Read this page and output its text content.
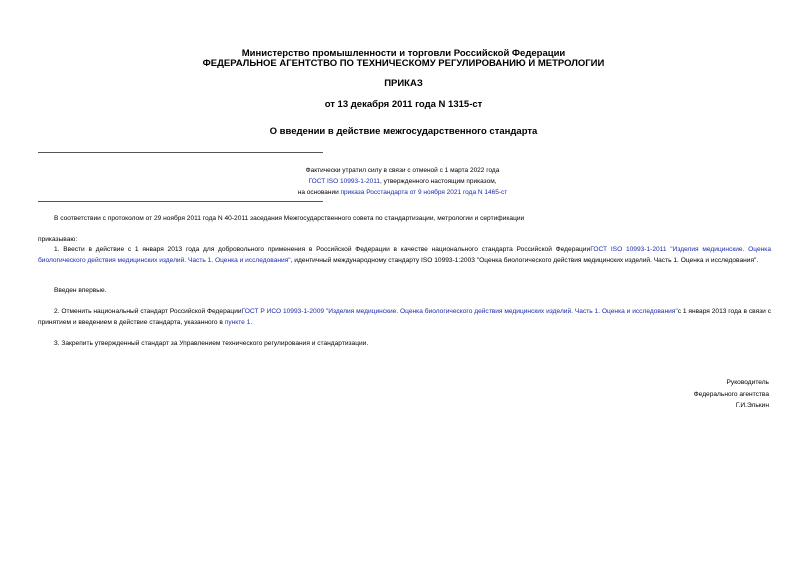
Министерство промышленности и торговли Российской Федерации
ФЕДЕРАЛЬНОЕ АГЕНТСТВО ПО ТЕХНИЧЕСКОМУ РЕГУЛИРОВАНИЮ И МЕТРОЛОГИИ
ПРИКАЗ
от 13 декабря 2011 года N 1315-ст
О введении в действие межгосударственного стандарта
Фактически утратил силу в связи с отменой с 1 марта 2022 года
ГОСТ ISO 10993-1-2011, утвержденного настоящим приказом,
на основании приказа Росстандарта от 9 ноября 2021 года N 1465-ст
В соответствии с протоколом от 29 ноября 2011 года N 40-2011 заседания Межгосударственного совета по стандартизации, метрологии и сертификации
приказываю:
1. Ввести в действие с 1 января 2013 года для добровольного применения в Российской Федерации в качестве национального стандарта Российской ФедерацииГОСТ ISO 10993-1-2011 "Изделия медицинские. Оценка биологического действия медицинских изделий. Часть 1. Оценка и исследования", идентичный международному стандарту ISO 10993-1:2003 "Оценка биологического действия медицинских изделий. Часть 1. Оценка и исследования".
Введен впервые.
2. Отменить национальный стандарт Российской ФедерацииГОСТ Р ИСО 10993-1-2009 "Изделия медицинские. Оценка биологического действия медицинских изделий. Часть 1. Оценка и исследования"с 1 января 2013 года в связи с принятием и введением в действие стандарта, указанного в пункте 1.
3. Закрепить утвержденный стандарт за Управлением технического регулирования и стандартизации.
Руководитель
Федерального агентства
Г.И.Элькин
